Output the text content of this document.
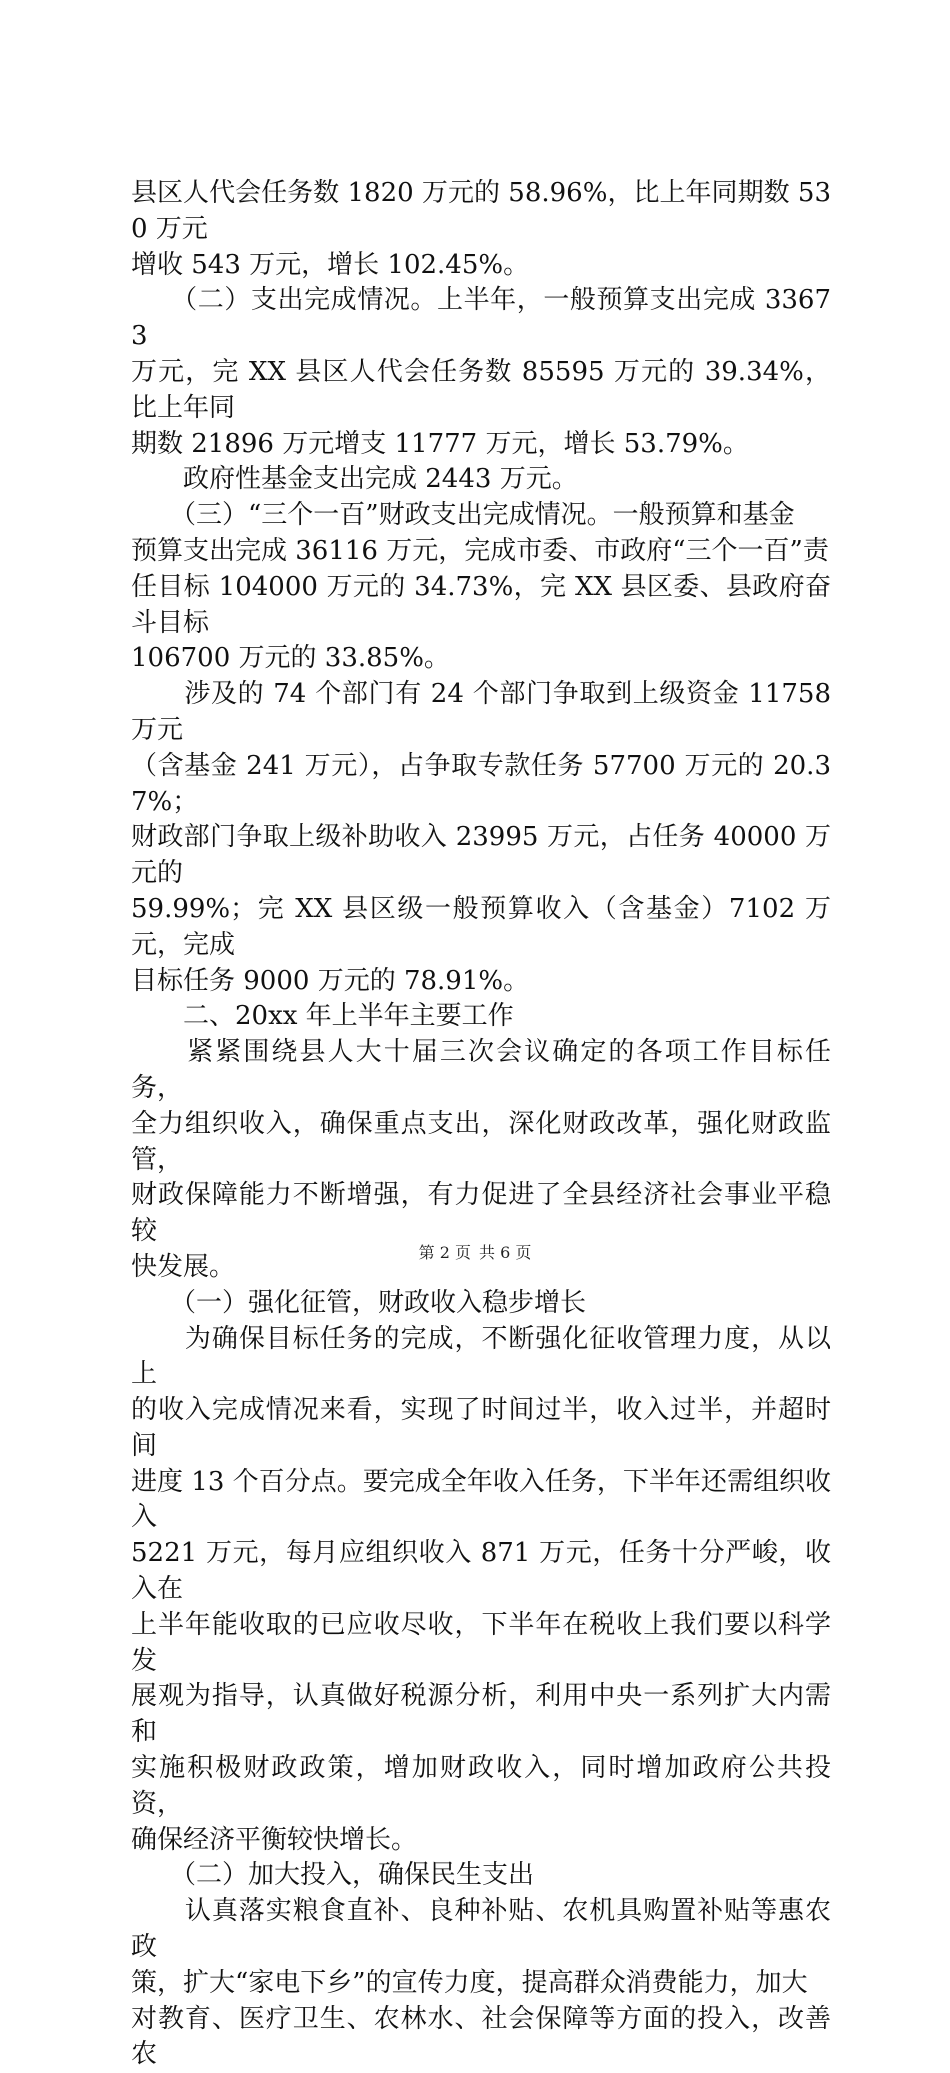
县区人代会任务数 1820 万元的 58.96%，比上年同期数 530 万元
增收 543 万元，增长 102.45%。

　　（二）支出完成情况。上半年，一般预算支出完成 33673
万元，完 XX 县区人代会任务数 85595 万元的 39.34%，比上年同
期数 21896 万元增支 11777 万元，增长 53.79%。

　　政府性基金支出完成 2443 万元。

　　（三）“三个一百”财政支出完成情况。一般预算和基金
预算支出完成 36116 万元，完成市委、市政府“三个一百”责
任目标 104000 万元的 34.73%，完 XX 县区委、县政府奋斗目标
106700 万元的 33.85%。

　　涉及的 74 个部门有 24 个部门争取到上级资金 11758 万元
（含基金 241 万元），占争取专款任务 57700 万元的 20.37%；
财政部门争取上级补助收入 23995 万元，占任务 40000 万元的
59.99%；完 XX 县区级一般预算收入（含基金）7102 万元，完成
目标任务 9000 万元的 78.91%。

　　二、20xx 年上半年主要工作

　　紧紧围绕县人大十届三次会议确定的各项工作目标任务，
全力组织收入，确保重点支出，深化财政改革，强化财政监管，
财政保障能力不断增强，有力促进了全县经济社会事业平稳较
快发展。

　　（一）强化征管，财政收入稳步增长

　　为确保目标任务的完成，不断强化征收管理力度，从以上
的收入完成情况来看，实现了时间过半，收入过半，并超时间
进度 13 个百分点。要完成全年收入任务，下半年还需组织收入
5221 万元，每月应组织收入 871 万元，任务十分严峻，收入在
上半年能收取的已应收尽收，下半年在税收上我们要以科学发
展观为指导，认真做好税源分析，利用中央一系列扩大内需和
实施积极财政政策，增加财政收入，同时增加政府公共投资，
确保经济平衡较快增长。

　　（二）加大投入，确保民生支出

　　认真落实粮食直补、良种补贴、农机具购置补贴等惠农政
策，扩大“家电下乡”的宣传力度，提高群众消费能力，加大
对教育、医疗卫生、农林水、社会保障等方面的投入，改善农

第 2 页 共 6 页
